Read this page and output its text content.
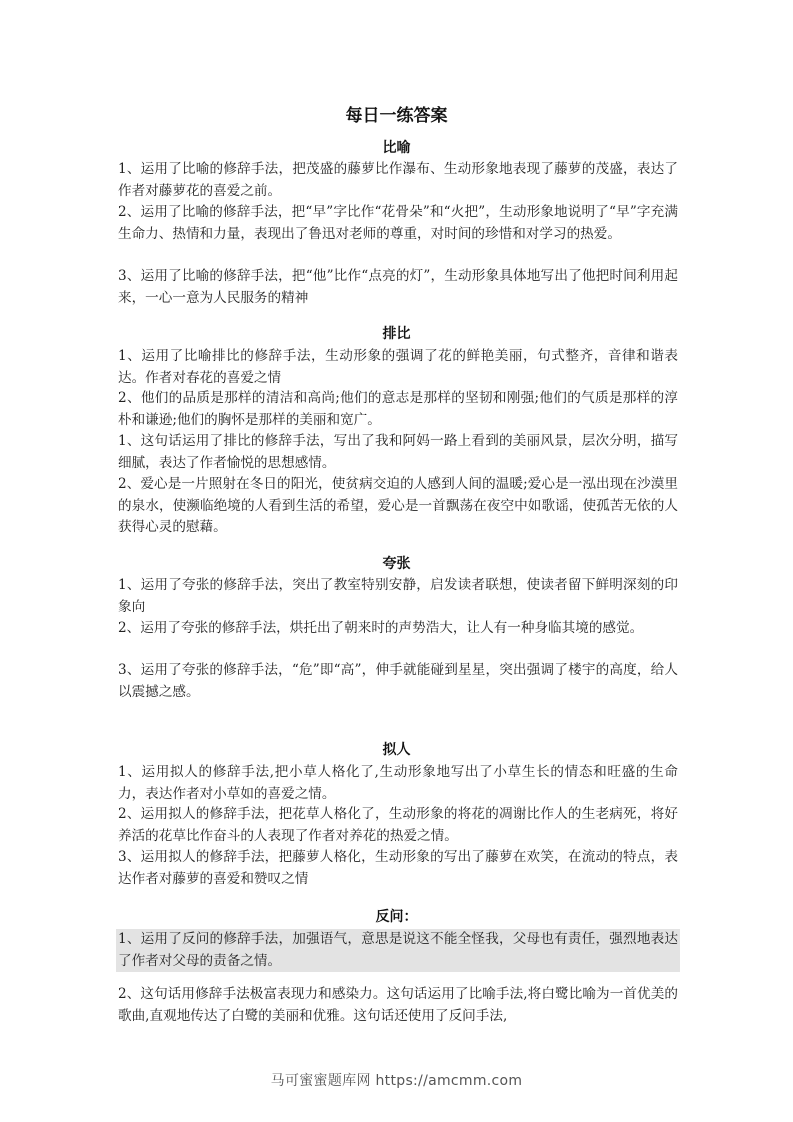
每日一练答案
比喻
1、运用了比喻的修辞手法，把茂盛的藤萝比作瀑布、生动形象地表现了藤萝的茂盛，表达了作者对藤萝花的喜爱之前。
2、运用了比喻的修辞手法，把“早”字比作“花骨朵”和“火把”，生动形象地说明了“早”字充满生命力、热情和力量，表现出了鲁迅对老师的尊重，对时间的珍惜和对学习的热爱。
3、运用了比喻的修辞手法，把“他”比作“点亮的灯”，生动形象具体地写出了他把时间利用起来，一心一意为人民服务的精神
排比
1、运用了比喻排比的修辞手法，生动形象的强调了花的鲜艳美丽，句式整齐，音律和谐表达。作者对春花的喜爱之情
2、他们的品质是那样的清洁和高尚;他们的意志是那样的坚韧和刚强;他们的气质是那样的淳朴和谦逊;他们的胸怀是那样的美丽和宽广。
1、这句话运用了排比的修辞手法，写出了我和阿妈一路上看到的美丽风景，层次分明，描写细腻，表达了作者愉悦的思想感情。
2、爱心是一片照射在冬日的阳光，使贫病交迫的人感到人间的温暖;爱心是一泓出现在沙漠里的泉水，使濒临绝境的人看到生活的希望，爱心是一首飘荡在夜空中如歌谣，使孤苦无依的人获得心灵的慰藉。
夸张
1、运用了夸张的修辞手法，突出了教室特别安静，启发读者联想，使读者留下鲜明深刻的印象向
2、运用了夸张的修辞手法，烘托出了朝来时的声势浩大，让人有一种身临其境的感觉。
3、运用了夸张的修辞手法，“危”即“高”，伸手就能碰到星星，突出强调了楼宇的高度，给人以震撼之感。
拟人
1、运用拟人的修辞手法,把小草人格化了,生动形象地写出了小草生长的情态和旺盛的生命力，表达作者对小草如的喜爱之情。
2、运用拟人的修辞手法，把花草人格化了，生动形象的将花的凋谢比作人的生老病死，将好养活的花草比作奋斗的人表现了作者对养花的热爱之情。
3、运用拟人的修辞手法，把藤萝人格化，生动形象的写出了藤萝在欢笑，在流动的特点，表达作者对藤萝的喜爱和赞叹之情
反问：
1、运用了反问的修辞手法，加强语气，意思是说这不能全怪我，父母也有责任，强烈地表达了作者对父母的责备之情。
2、这句话用修辞手法极富表现力和感染力。这句话运用了比喻手法,将白鹭比喻为一首优美的歌曲,直观地传达了白鹭的美丽和优雅。这句话还使用了反问手法,
马可蜜蜜题库网 https://amcmm.com
